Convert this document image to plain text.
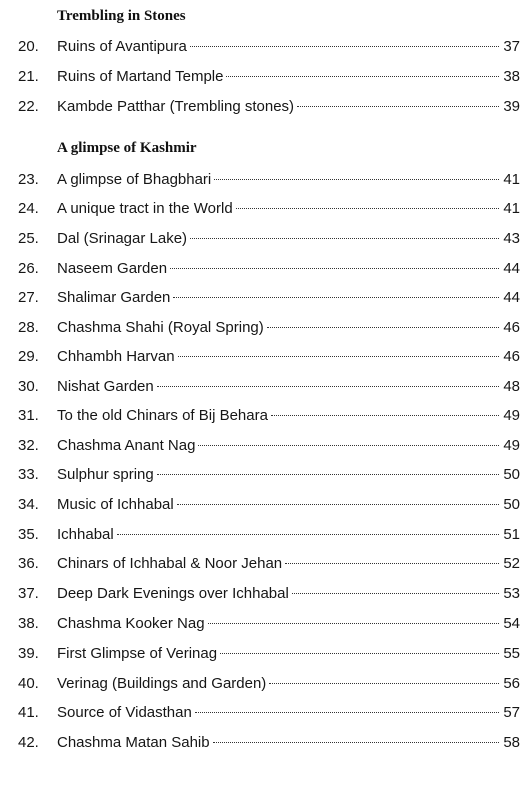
Trembling in Stones
20.	Ruins of Avantipura	37
21.	Ruins of Martand Temple	38
22.	Kambde Patthar (Trembling stones)	39
A glimpse of Kashmir
23.	A glimpse of Bhagbhari	41
24.	A unique tract in the World	41
25.	Dal (Srinagar Lake)	43
26.	Naseem Garden	44
27.	Shalimar Garden	44
28.	Chashma Shahi (Royal Spring)	46
29.	Chhambh Harvan	46
30.	Nishat Garden	48
31.	To the old Chinars of Bij Behara	49
32.	Chashma Anant Nag	49
33.	Sulphur spring	50
34.	Music of Ichhabal	50
35.	Ichhabal	51
36.	Chinars of Ichhabal & Noor Jehan	52
37.	Deep Dark Evenings over Ichhabal	53
38.	Chashma Kooker Nag	54
39.	First Glimpse of Verinag	55
40.	Verinag (Buildings and Garden)	56
41.	Source of Vidasthan	57
42.	Chashma Matan Sahib	58
